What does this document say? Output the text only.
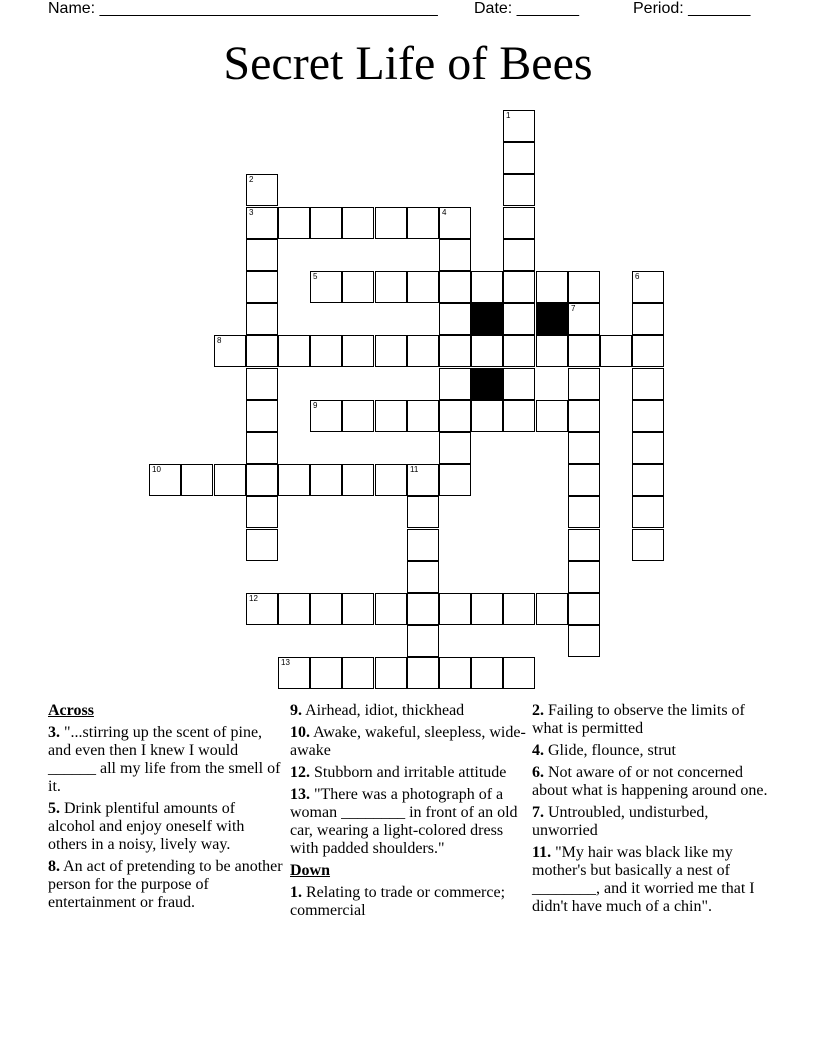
Name: ______________________________________

Date: _______

	Period: _______

Secret Life of Bees
1
2
3	4
5	6
7
8
9
10	11
12
13
Across
3. "...stirring up the scent of pine, and even then I knew I would ______ all my life from the smell of it.
5. Drink plentiful amounts of alcohol and enjoy oneself with others in a noisy, lively way.
8. An act of pretending to be another person for the purpose of entertainment or fraud.
9. Airhead, idiot, thickhead
10. Awake, wakeful, sleepless, wide-awake
12. Stubborn and irritable attitude
13. "There was a photograph of a woman ________ in front of an old car, wearing a light-colored dress with padded shoulders."
Down
1. Relating to trade or commerce; commercial
2. Failing to observe the limits of what is permitted
4. Glide, flounce, strut
6. Not aware of or not concerned about what is happening around one.
7. Untroubled, undisturbed, unworried
11. "My hair was black like my mother's but basically a nest of ________, and it worried me that I didn't have much of a chin".
